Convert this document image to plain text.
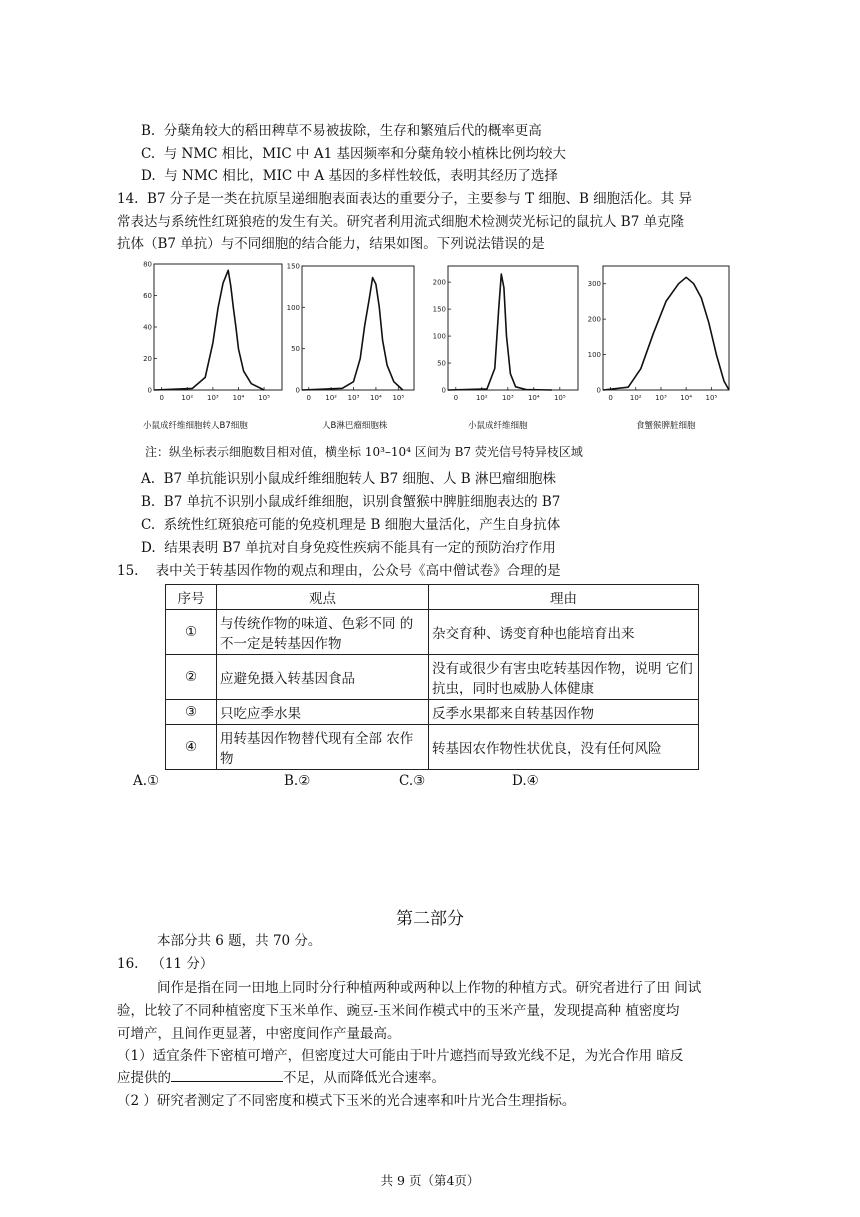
B.  分蘖角较大的稻田稗草不易被拔除，生存和繁殖后代的概率更高
C.  与 NMC 相比，MIC 中 A1 基因频率和分蘖角较小植株比例均较大
D.  与 NMC 相比，MIC 中 A 基因的多样性较低，表明其经历了选择
14.  B7 分子是一类在抗原呈递细胞表面表达的重要分子，主要参与 T 细胞、B 细胞活化。其 异
常表达与系统性红斑狼疮的发生有关。研究者利用流式细胞术检测荧光标记的鼠抗人 B7 单克隆
抗体（B7 单抗）与不同细胞的结合能力，结果如图。下列说法错误的是
0
20
40
60
80
0	10² 10³ 10⁴ 10⁵
0
50
100
150
0 10² 10³ 10⁴ 10⁵
0
50
100
150
200
0	10² 10³ 10⁴ 10⁵
0
100
200
300
0 10² 10³ 10⁴ 10⁵
小鼠成纤维细胞转人B7细胞	人B淋巴瘤细胞株	小鼠成纤维细胞	食蟹猴脾脏细胞
注：纵坐标表示细胞数目相对值，横坐标 10³–10⁴ 区间为 B7 荧光信号特异枝区域
A.  B7 单抗能识别小鼠成纤维细胞转人 B7 细胞、人 B 淋巴瘤细胞株
B.  B7 单抗不识别小鼠成纤维细胞，识别食蟹猴中脾脏细胞表达的 B7
C.  系统性红斑狼疮可能的免疫机理是 B 细胞大量活化，产生自身抗体
D.  结果表明 B7 单抗对自身免疫性疾病不能具有一定的预防治疗作用
15.    表中关于转基因作物的观点和理由，公众号《高中僧试卷》合理的是
序号	观点	理由
①	与传统作物的味道、色彩不同 的不一定是转基因作物	杂交育种、诱变育种也能培育出来
②	应避免摄入转基因食品	没有或很少有害虫吃转基因作物，说明 它们抗虫，同时也威胁人体健康
③	只吃应季水果	反季水果都来自转基因作物
④	用转基因作物替代现有全部 农作物	转基因农作物性状优良，没有任何风险
A.①	B.②	C.③	D.④
第二部分
本部分共 6 题，共 70 分。
16.   （11 分）
间作是指在同一田地上同时分行种植两种或两种以上作物的种植方式。研究者进行了田 间试
验，比较了不同种植密度下玉米单作、豌豆-玉米间作模式中的玉米产量，发现提高种 植密度均
可增产，且间作更显著，中密度间作产量最高。
（1）适宜条件下密植可增产，但密度过大可能由于叶片遮挡而导致光线不足，为光合作用 暗反
应提供的	不足，从而降低光合速率。
（2 ）研究者测定了不同密度和模式下玉米的光合速率和叶片光合生理指标。
共 9 页（第4页）
